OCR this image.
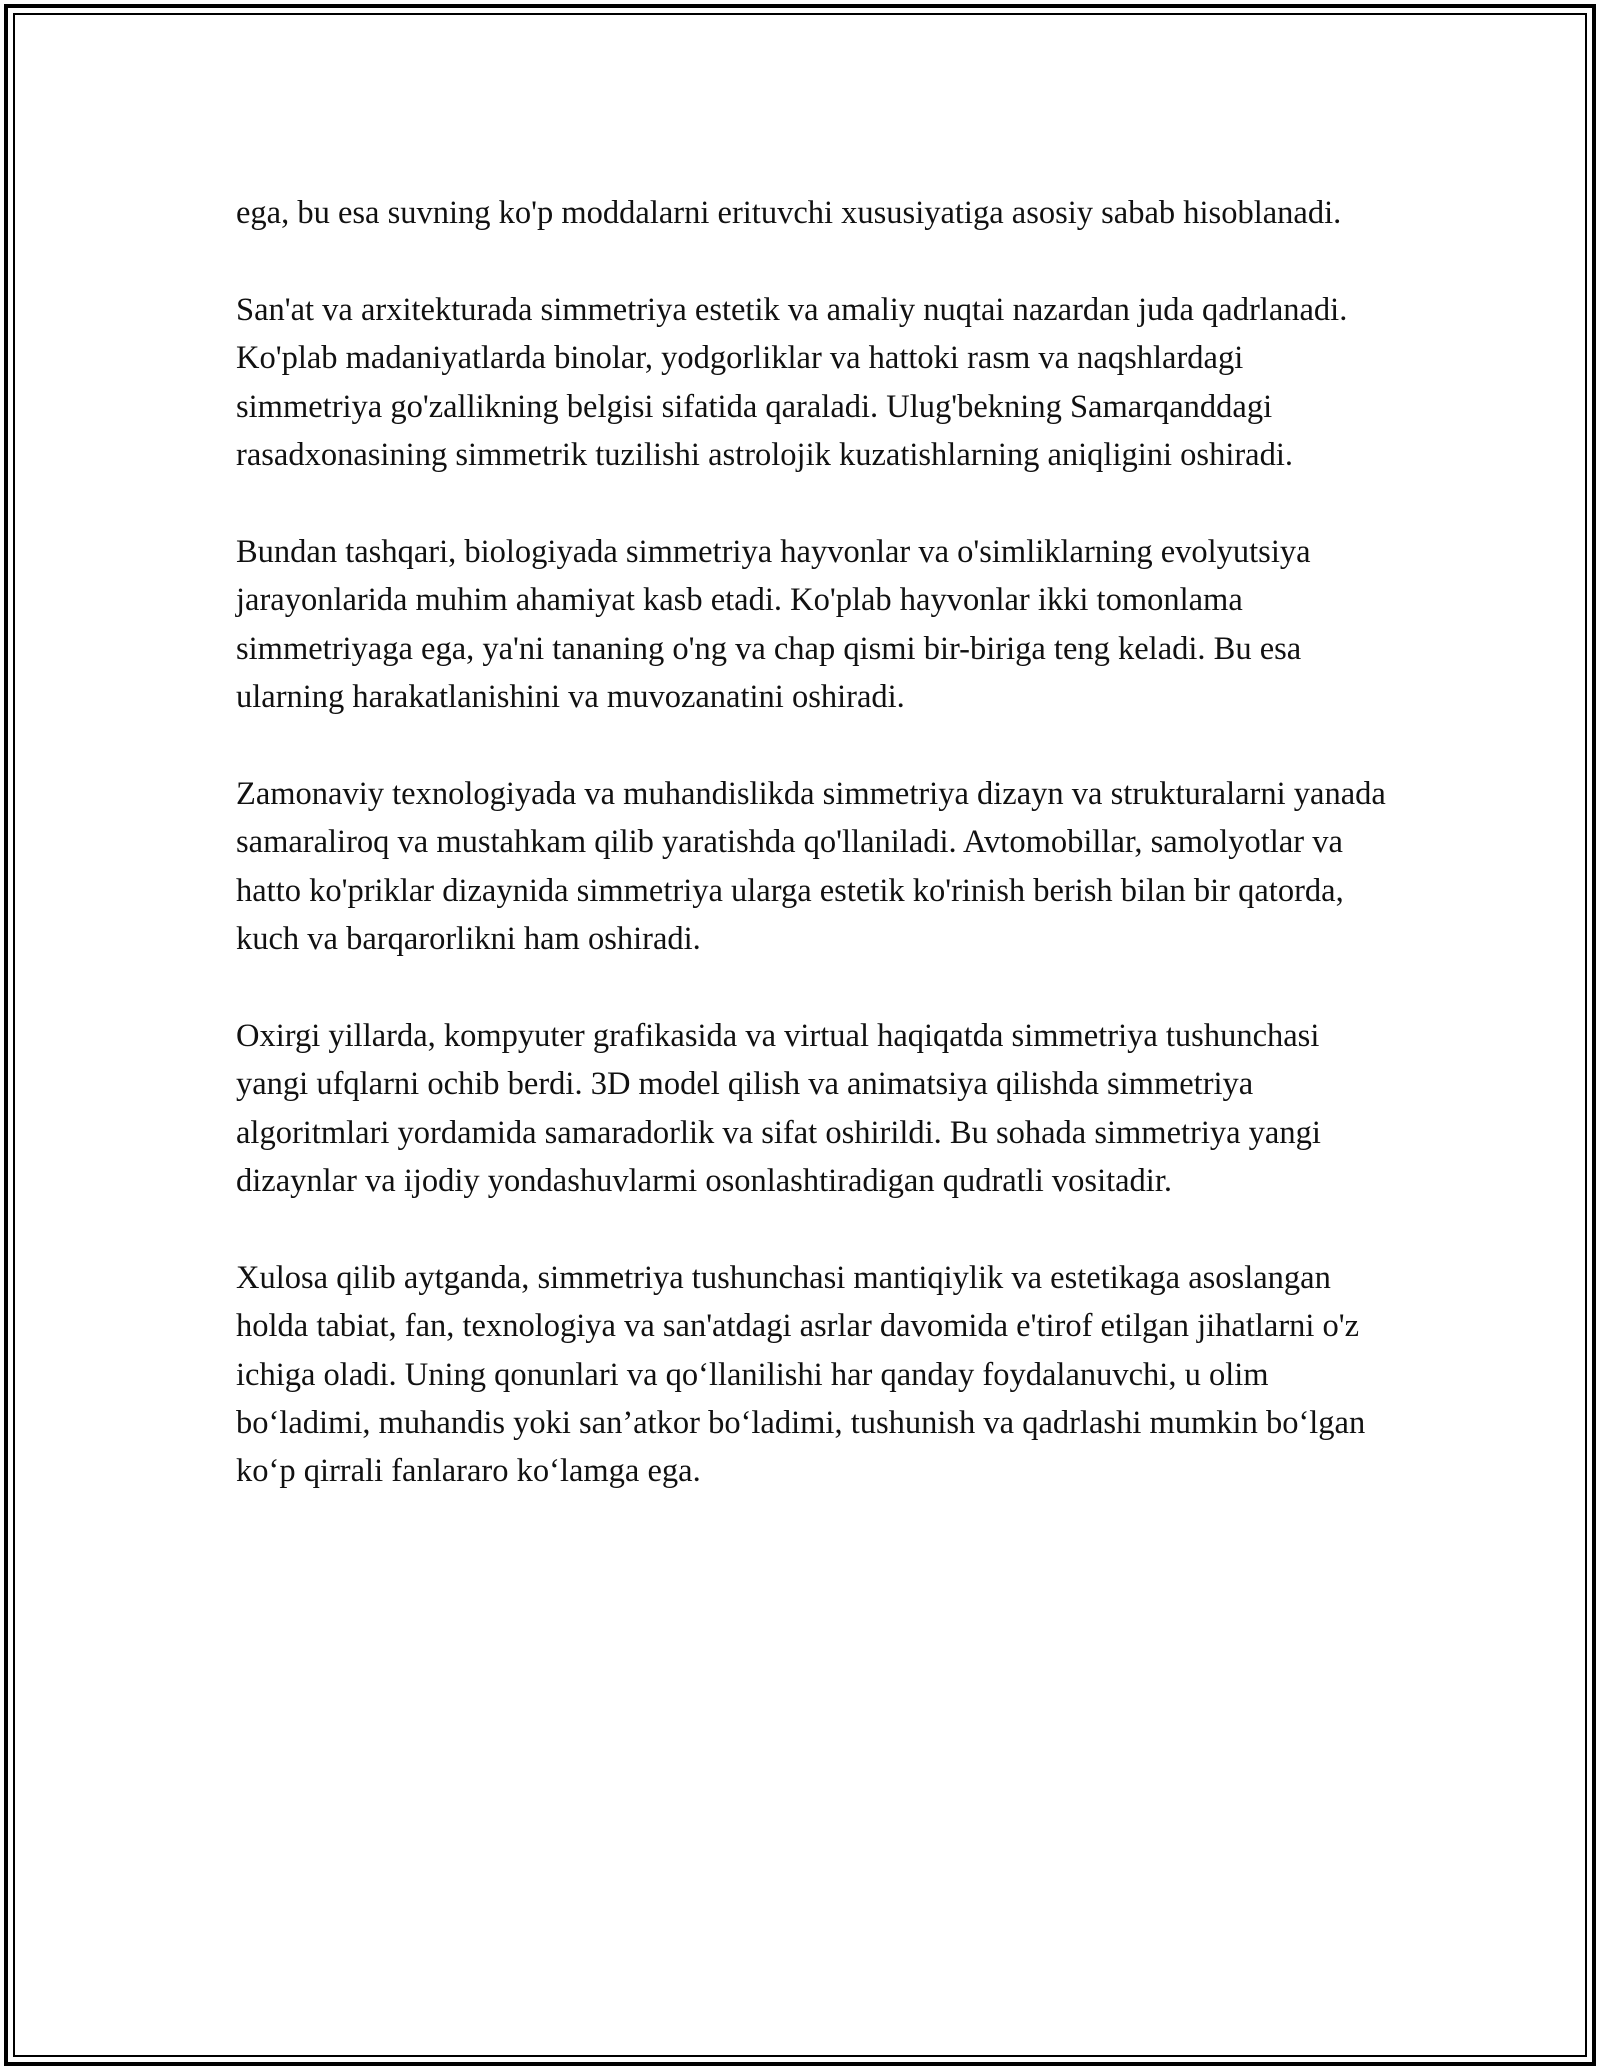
ega, bu esa suvning ko'p moddalarni erituvchi xususiyatiga asosiy sabab hisoblanadi.

San'at va arxitekturada simmetriya estetik va amaliy nuqtai nazardan juda qadrlanadi. Ko'plab madaniyatlarda binolar, yodgorliklar va hattoki rasm va naqshlardagi simmetriya go'zallikning belgisi sifatida qaraladi. Ulug'bekning Samarqanddagi rasadxonasining simmetrik tuzilishi astrolojik kuzatishlarning aniqligini oshiradi.

Bundan tashqari, biologiyada simmetriya hayvonlar va o'simliklarning evolyutsiya jarayonlarida muhim ahamiyat kasb etadi. Ko'plab hayvonlar ikki tomonlama simmetriyaga ega, ya'ni tananing o'ng va chap qismi bir-biriga teng keladi. Bu esa ularning harakatlanishini va muvozanatini oshiradi.

Zamonaviy texnologiyada va muhandislikda simmetriya dizayn va strukturalarni yanada samaraliroq va mustahkam qilib yaratishda qo'llaniladi. Avtomobillar, samolyotlar va hatto ko'priklar dizaynida simmetriya ularga estetik ko'rinish berish bilan bir qatorda, kuch va barqarorlikni ham oshiradi.

Oxirgi yillarda, kompyuter grafikasida va virtual haqiqatda simmetriya tushunchasi yangi ufqlarni ochib berdi. 3D model qilish va animatsiya qilishda simmetriya algoritmlari yordamida samaradorlik va sifat oshirildi. Bu sohada simmetriya yangi dizaynlar va ijodiy yondashuvlarmi osonlashtiradigan qudratli vositadir.

Xulosa qilib aytganda, simmetriya tushunchasi mantiqiylik va estetikaga asoslangan holda tabiat, fan, texnologiya va san'atdagi asrlar davomida e'tirof etilgan jihatlarni o'z ichiga oladi. Uning qonunlari va qo‘llanilishi har qanday foydalanuvchi, u olim bo‘ladimi, muhandis yoki san’atkor bo‘ladimi, tushunish va qadrlashi mumkin bo‘lgan ko‘p qirrali fanlararo ko‘lamga ega.
